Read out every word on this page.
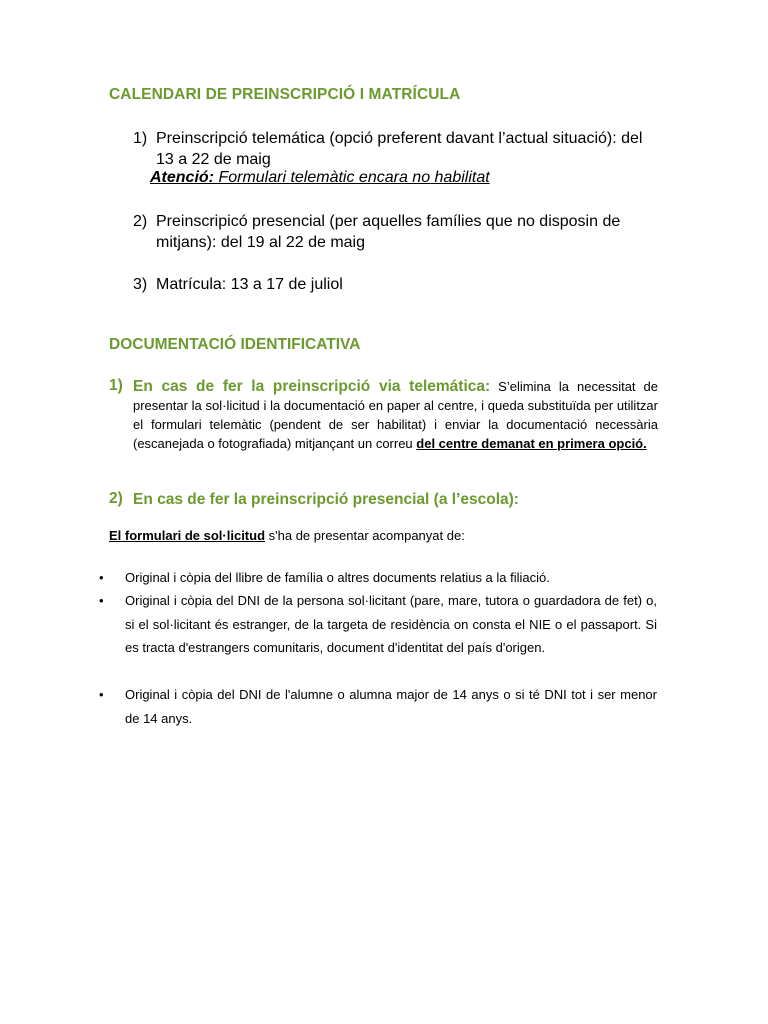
CALENDARI DE PREINSCRIPCIÓ I MATRÍCULA
1) Preinscripció telemática (opció preferent davant l’actual situació): del 13 a 22 de maig
Atenció: Formulari telemàtic encara no habilitat
2) Preinscripicó presencial (per aquelles famílies que no disposin de mitjans): del 19 al 22 de maig
3) Matrícula: 13 a 17 de juliol
DOCUMENTACIÓ IDENTIFICATIVA
1) En cas de fer la preinscripció via telemática: S’elimina la necessitat de presentar la sol·licitud i la documentació en paper al centre, i queda substituïda per utilitzar el formulari telemàtic (pendent de ser habilitat) i enviar la documentació necessària (escanejada o fotografiada) mitjançant un correu del centre demanat en primera opció.
2) En cas de fer la preinscripció presencial (a l’escola):
El formulari de sol·licitud s'ha de presentar acompanyat de:
• Original i còpia del llibre de família o altres documents relatius a la filiació.
• Original i còpia del DNI de la persona sol·licitant (pare, mare, tutora o guardadora de fet) o, si el sol·licitant és estranger, de la targeta de residència on consta el NIE o el passaport. Si es tracta d'estrangers comunitaris, document d'identitat del país d'origen.
• Original i còpia del DNI de l'alumne o alumna major de 14 anys o si té DNI tot i ser menor de 14 anys.
